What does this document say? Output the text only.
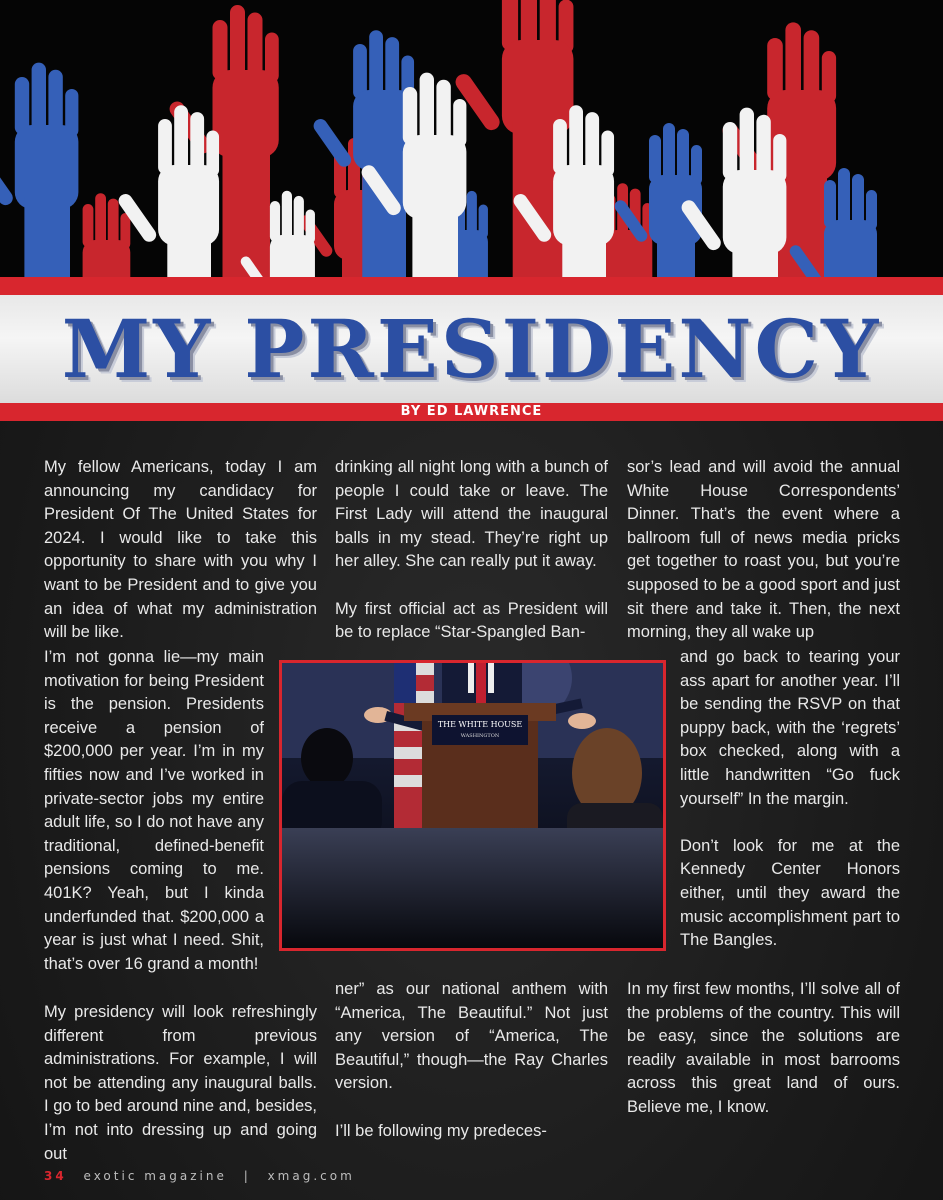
MY PRESIDENCY
BY ED LAWRENCE

My fellow Americans, today I am announcing my candidacy for President Of The United States for 2024. I would like to take this opportunity to share with you why I want to be President and to give you an idea of what my administration will be like.

I’m not gonna lie—my main motivation for being President is the pension. Presidents receive a pension of $200,000 per year. I’m in my fifties now and I’ve worked in private-sector jobs my entire adult life, so I do not have any traditional, defined-benefit pensions coming to me. 401K? Yeah, but I kinda underfunded that. $200,000 a year is just what I need. Shit, that’s over 16 grand a month!

My presidency will look refreshingly different from previous administrations. For example, I will not be attending any inaugural balls. I go to bed around nine and, besides, I’m not into dressing up and going out

drinking all night long with a bunch of people I could take or leave. The First Lady will attend the inaugural balls in my stead. They’re right up her alley. She can really put it away.

My first official act as President will be to replace “Star-Spangled Ban-

ner” as our national anthem with “America, The Beautiful.” Not just any version of “America, The Beautiful,” though—the Ray Charles version.

I’ll be following my predeces-

sor’s lead and will avoid the annual White House Correspondents’ Dinner. That’s the event where a ballroom full of news media pricks get together to roast you, but you’re supposed to be a good sport and just sit there and take it. Then, the next morning, they all wake up

and go back to tearing your ass apart for another year. I’ll be sending the RSVP on that puppy back, with the ‘regrets’ box checked, along with a little handwritten “Go fuck yourself” In the margin.

Don’t look for me at the Kennedy Center Honors either, until they award the music accomplishment part to The Bangles.

In my first few months, I’ll solve all of the problems of the country. This will be easy, since the solutions are readily available in most barrooms across this great land of ours. Believe me, I know.

THE WHITE HOUSE
WASHINGTON
34 exotic magazine | xmag.com
